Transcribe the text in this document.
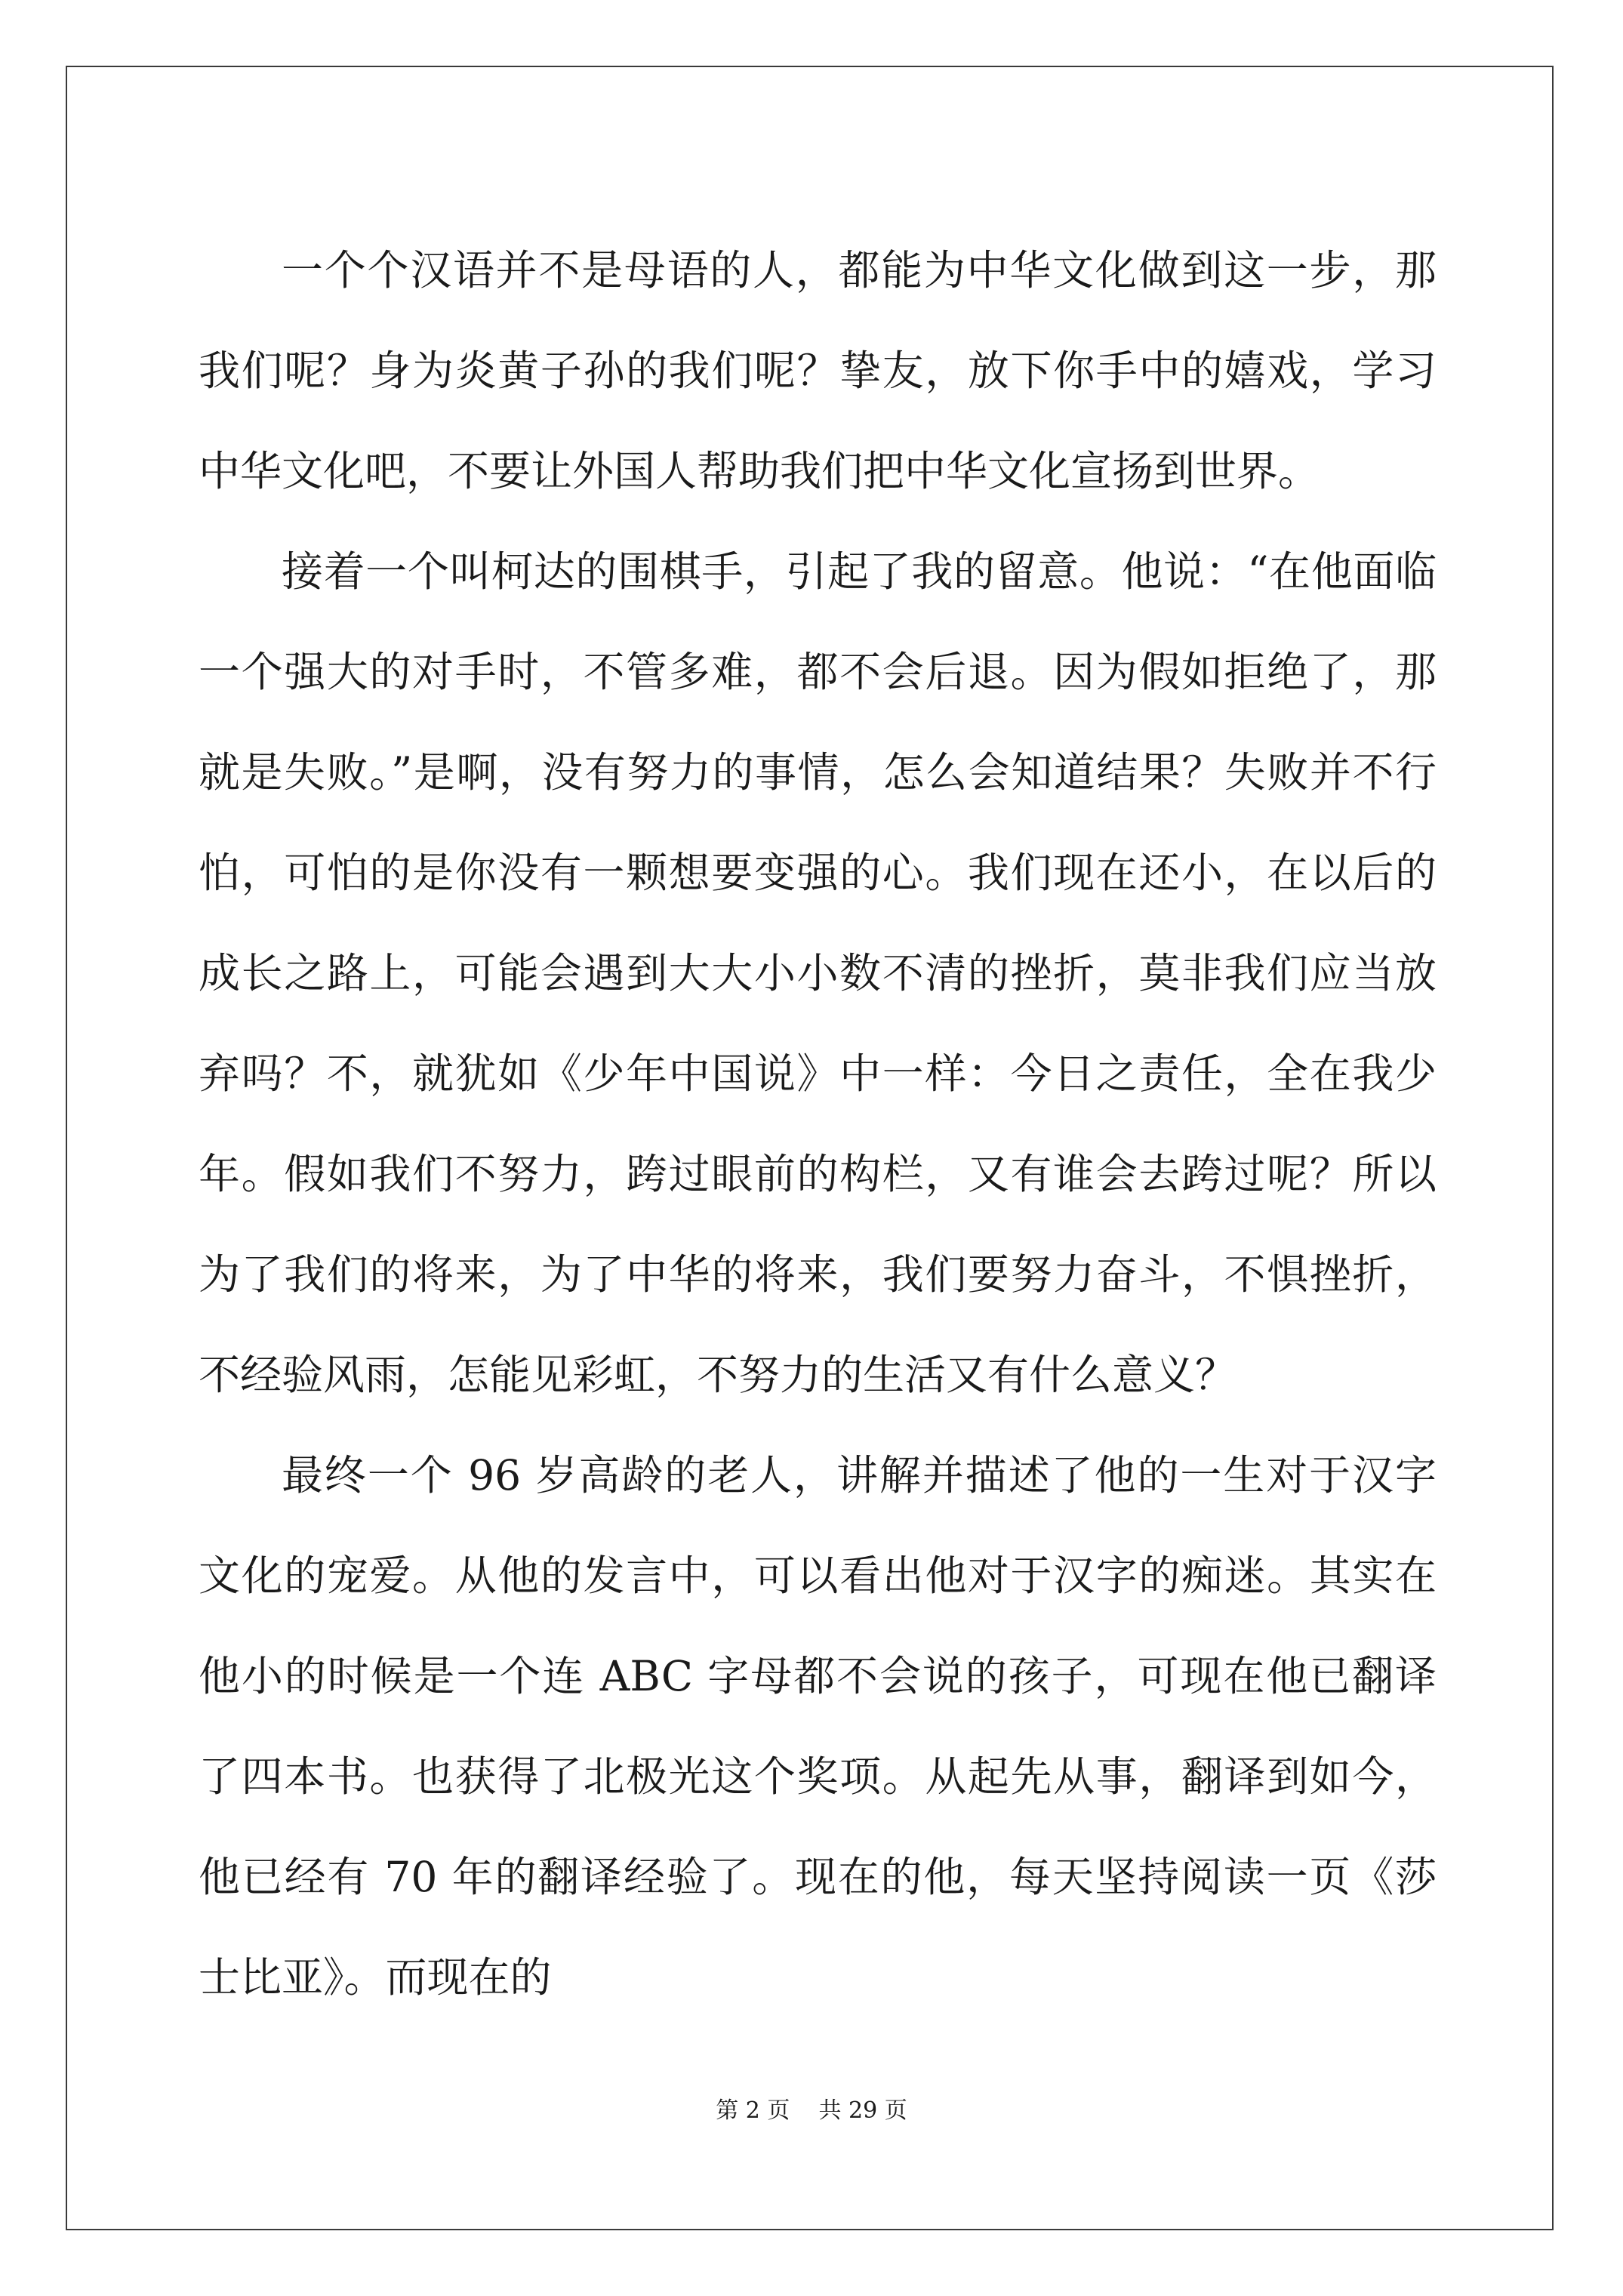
一个个汉语并不是母语的人，都能为中华文化做到这一步，那我们呢？身为炎黄子孙的我们呢？挚友，放下你手中的嬉戏，学习中华文化吧，不要让外国人帮助我们把中华文化宣扬到世界。

接着一个叫柯达的围棋手，引起了我的留意。他说：“在他面临一个强大的对手时，不管多难，都不会后退。因为假如拒绝了，那就是失败。”是啊，没有努力的事情，怎么会知道结果？失败并不行怕，可怕的是你没有一颗想要变强的心。我们现在还小，在以后的成长之路上，可能会遇到大大小小数不清的挫折，莫非我们应当放弃吗？不，就犹如《少年中国说》中一样：今日之责任，全在我少年。假如我们不努力，跨过眼前的构栏，又有谁会去跨过呢？所以为了我们的将来，为了中华的将来，我们要努力奋斗，不惧挫折，不经验风雨，怎能见彩虹，不努力的生活又有什么意义？

最终一个 96 岁高龄的老人，讲解并描述了他的一生对于汉字文化的宠爱。从他的发言中，可以看出他对于汉字的痴迷。其实在他小的时候是一个连 ABC 字母都不会说的孩子，可现在他已翻译了四本书。也获得了北极光这个奖项。从起先从事，翻译到如今，他已经有 70 年的翻译经验了。现在的他，每天坚持阅读一页《莎士比亚》。而现在的

第 2 页    共 29 页
